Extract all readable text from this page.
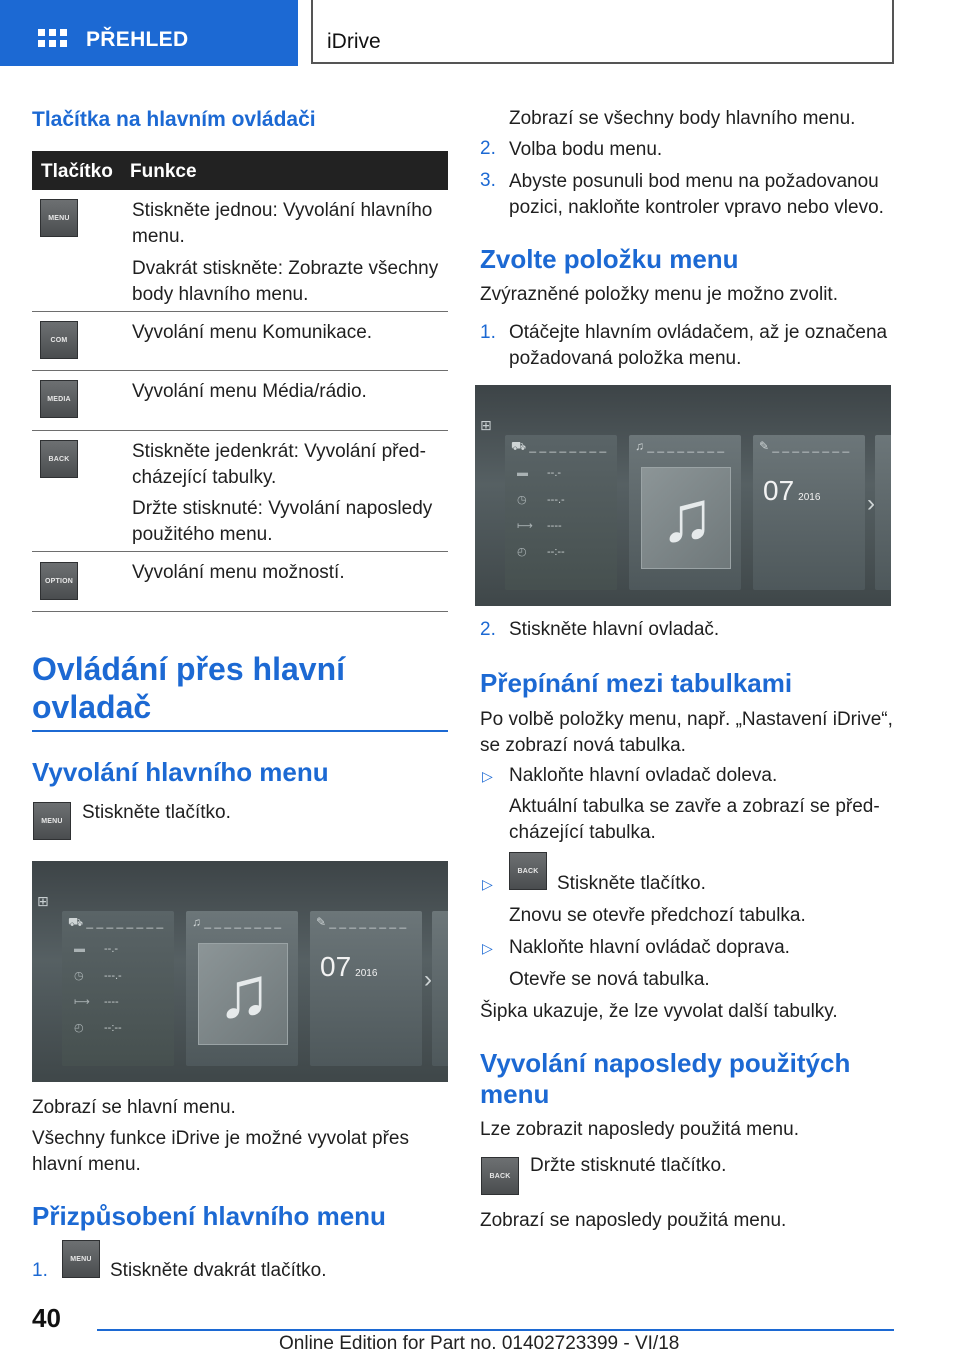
PŘEHLED	iDrive
Tlačítka na hlavním ovládači
Tlačítko Funkce
MENU	Stiskněte jednou: Vyvolání hlavního menu.
Dvakrát stiskněte: Zobrazte všechny body hlavního menu.
COM	Vyvolání menu Komunikace.
MEDIA	Vyvolání menu Média/rádio.
BACK	Stiskněte jedenkrát: Vyvolání předcházející tabulky.
Držte stisknuté: Vyvolání naposledy použitého menu.
OPTION	Vyvolání menu možností.
Ovládání přes hlavní ovladač
Vyvolání hlavního menu
MENU	Stiskněte tlačítko.
⊞
⛟ _ _ _ _ _ _ _ _
▬ --.-
◷ ---.-
⟼ ----
◴ --:--
♫ _ _ _ _ _ _ _ _
♫
✎ _ _ _ _ _ _ _ _
07 2016 ›
Zobrazí se hlavní menu.
Všechny funkce iDrive je možné vyvolat přes hlavní menu.
Přizpůsobení hlavního menu
1.
MENU
Stiskněte dvakrát tlačítko.
Zobrazí se všechny body hlavního menu.
2. Volba bodu menu.
3. Abyste posunuli bod menu na požadovanou pozici, nakloňte kontroler vpravo nebo vlevo.
Zvolte položku menu
Zvýrazněné položky menu je možno zvolit.
1. Otáčejte hlavním ovládačem, až je označena požadovaná položka menu.
⊞
⛟ _ _ _ _ _ _ _ _
▬ --.-
◷ ---.-
⟼ ----
◴ --:--
♫ _ _ _ _ _ _ _ _
♫
✎ _ _ _ _ _ _ _ _
07 2016 ›
2. Stiskněte hlavní ovladač.
Přepínání mezi tabulkami
Po volbě položky menu, např. „Nastavení iDrive“, se zobrazí nová tabulka.
▷ Nakloňte hlavní ovladač doleva.
Aktuální tabulka se zavře a zobrazí se předcházející tabulka.
▷
BACK
Stiskněte tlačítko.
Znovu se otevře předchozí tabulka.
▷ Nakloňte hlavní ovládač doprava.
Otevře se nová tabulka.
Šipka ukazuje, že lze vyvolat další tabulky.
Vyvolání naposledy použitých menu
Lze zobrazit naposledy použitá menu.
BACK	Držte stisknuté tlačítko.
Zobrazí se naposledy použitá menu.
40
Online Edition for Part no. 01402723399 - VI/18
